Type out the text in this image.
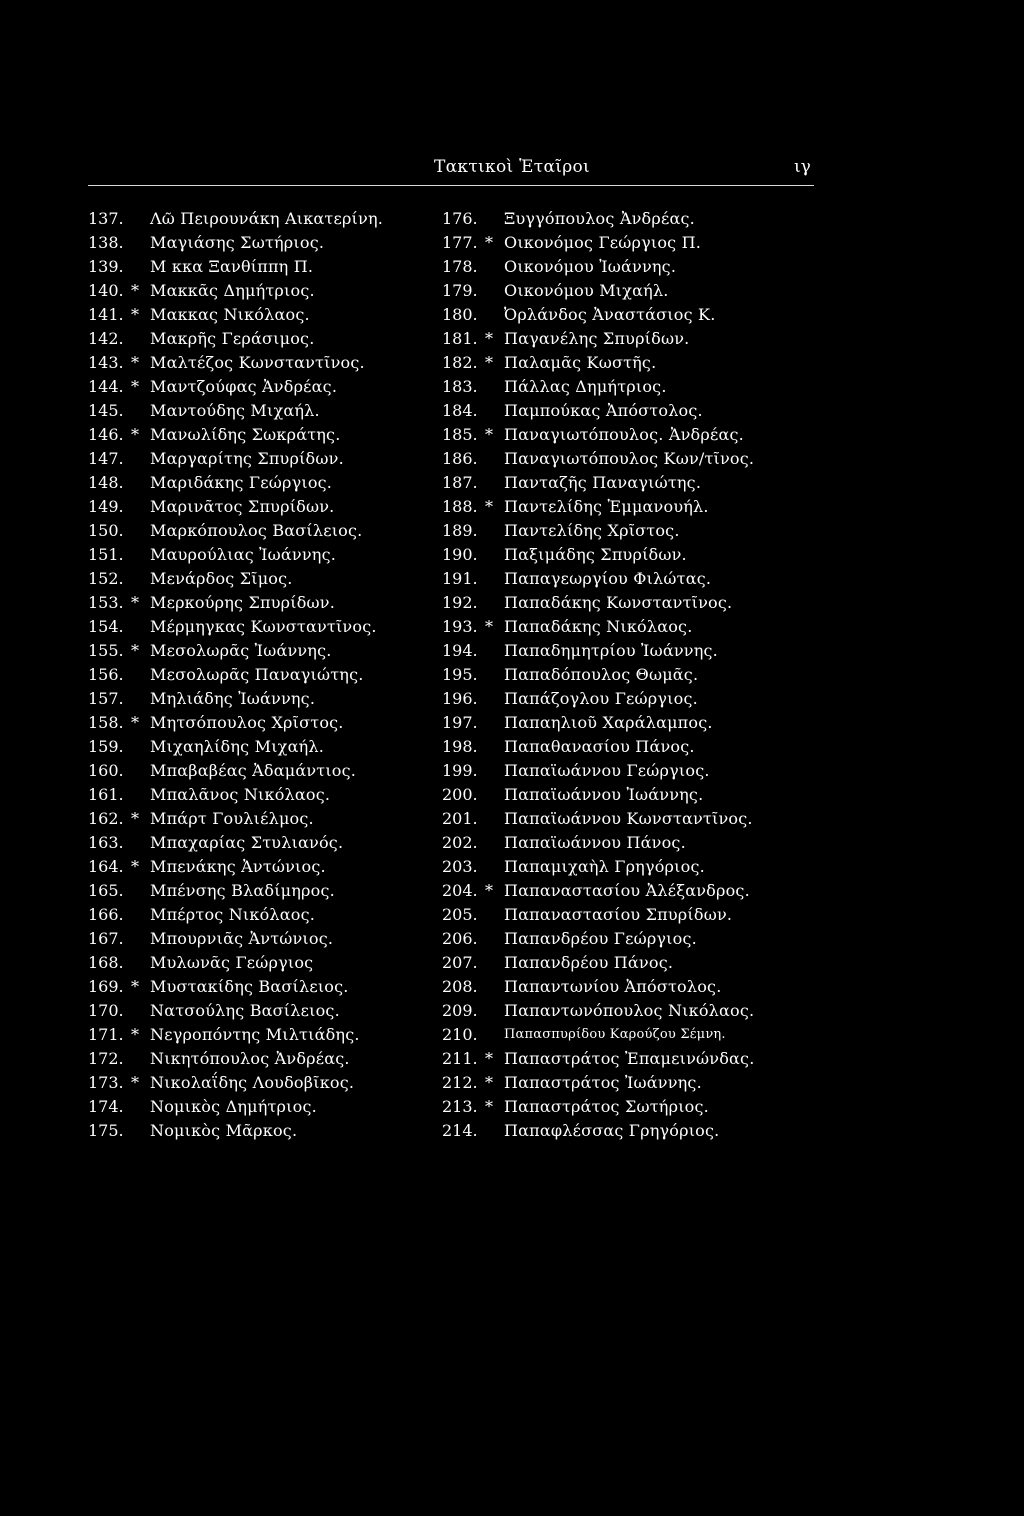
Τακτικοὶ Ἑταῖροι	ιγ
137. Λῶ Πειρουνάκη Αικατερίνη.
138. Μαγιάσης Σωτήριος.
139. Μ κκα Ξανθίππη Π.
140. * Μακκᾶς Δημήτριος.
141. * Μακκας Νικόλαος.
142. Μακρῆς Γεράσιμος.
143. * Μαλτέζος Κωνσταντῖνος.
144. * Μαντζούφας Ἀνδρέας.
145. Μαντούδης Μιχαήλ.
146. * Μανωλίδης Σωκράτης.
147. Μαργαρίτης Σπυρίδων.
148. Μαριδάκης Γεώργιος.
149. Μαρινᾶτος Σπυρίδων.
150. Μαρκόπουλος Βασίλειος.
151. Μαυρούλιας Ἰωάννης.
152. Μενάρδος Σῖμος.
153. * Μερκούρης Σπυρίδων.
154. Μέρμηγκας Κωνσταντῖνος.
155. * Μεσολωρᾶς Ἰωάννης.
156. Μεσολωρᾶς Παναγιώτης.
157. Μηλιάδης Ἰωάννης.
158. * Μητσόπουλος Χρῖστος.
159. Μιχαηλίδης Μιχαήλ.
160. Μπαβαβέας Ἀδαμάντιος.
161. Μπαλᾶνος Νικόλαος.
162. * Μπάρτ Γουλιέλμος.
163. Μπαχαρίας Στυλιανός.
164. * Μπενάκης Ἀντώνιος.
165. Μπένσης Βλαδίμηρος.
166. Μπέρτος Νικόλαος.
167. Μπουρνιᾶς Ἀντώνιος.
168. Μυλωνᾶς Γεώργιος
169. * Μυστακίδης Βασίλειος.
170. Νατσούλης Βασίλειος.
171. * Νεγροπόντης Μιλτιάδης.
172. Νικητόπουλος Ἀνδρέας.
173. * Νικολαΐδης Λουδοβῖκος.
174. Νομικὸς Δημήτριος.
175. Νομικὸς Μᾶρκος.
176. Ξυγγόπουλος Ἀνδρέας.
177. * Οικονόμος Γεώργιος Π.
178. Οικονόμου Ἰωάννης.
179. Οικονόμου Μιχαήλ.
180. Ὀρλάνδος Ἀναστάσιος Κ.
181. * Παγανέλης Σπυρίδων.
182. * Παλαμᾶς Κωστῆς.
183. Πάλλας Δημήτριος.
184. Παμπούκας Ἀπόστολος.
185. * Παναγιωτόπουλος. Ἀνδρέας.
186. Παναγιωτόπουλος Κων/τῖνος.
187. Πανταζῆς Παναγιώτης.
188. * Παντελίδης Ἐμμανουήλ.
189. Παντελίδης Χρῖστος.
190. Παξιμάδης Σπυρίδων.
191. Παπαγεωργίου Φιλώτας.
192. Παπαδάκης Κωνσταντῖνος.
193. * Παπαδάκης Νικόλαος.
194. Παπαδημητρίου Ἰωάννης.
195. Παπαδόπουλος Θωμᾶς.
196. Παπάζογλου Γεώργιος.
197. Παπαηλιοῦ Χαράλαμπος.
198. Παπαθανασίου Πάνος.
199. Παπαϊωάννου Γεώργιος.
200. Παπαϊωάννου Ἰωάννης.
201. Παπαϊωάννου Κωνσταντῖνος.
202. Παπαϊωάννου Πάνος.
203. Παπαμιχαὴλ Γρηγόριος.
204. * Παπαναστασίου Ἀλέξανδρος.
205. Παπαναστασίου Σπυρίδων.
206. Παπανδρέου Γεώργιος.
207. Παπανδρέου Πάνος.
208. Παπαντωνίου Ἀπόστολος.
209. Παπαντωνόπουλος Νικόλαος.
210. Παπασπυρίδου Καρούζου Σέμνη.
211. * Παπαστράτος Ἐπαμεινώνδας.
212. * Παπαστράτος Ἰωάννης.
213. * Παπαστράτος Σωτήριος.
214. Παπαφλέσσας Γρηγόριος.
